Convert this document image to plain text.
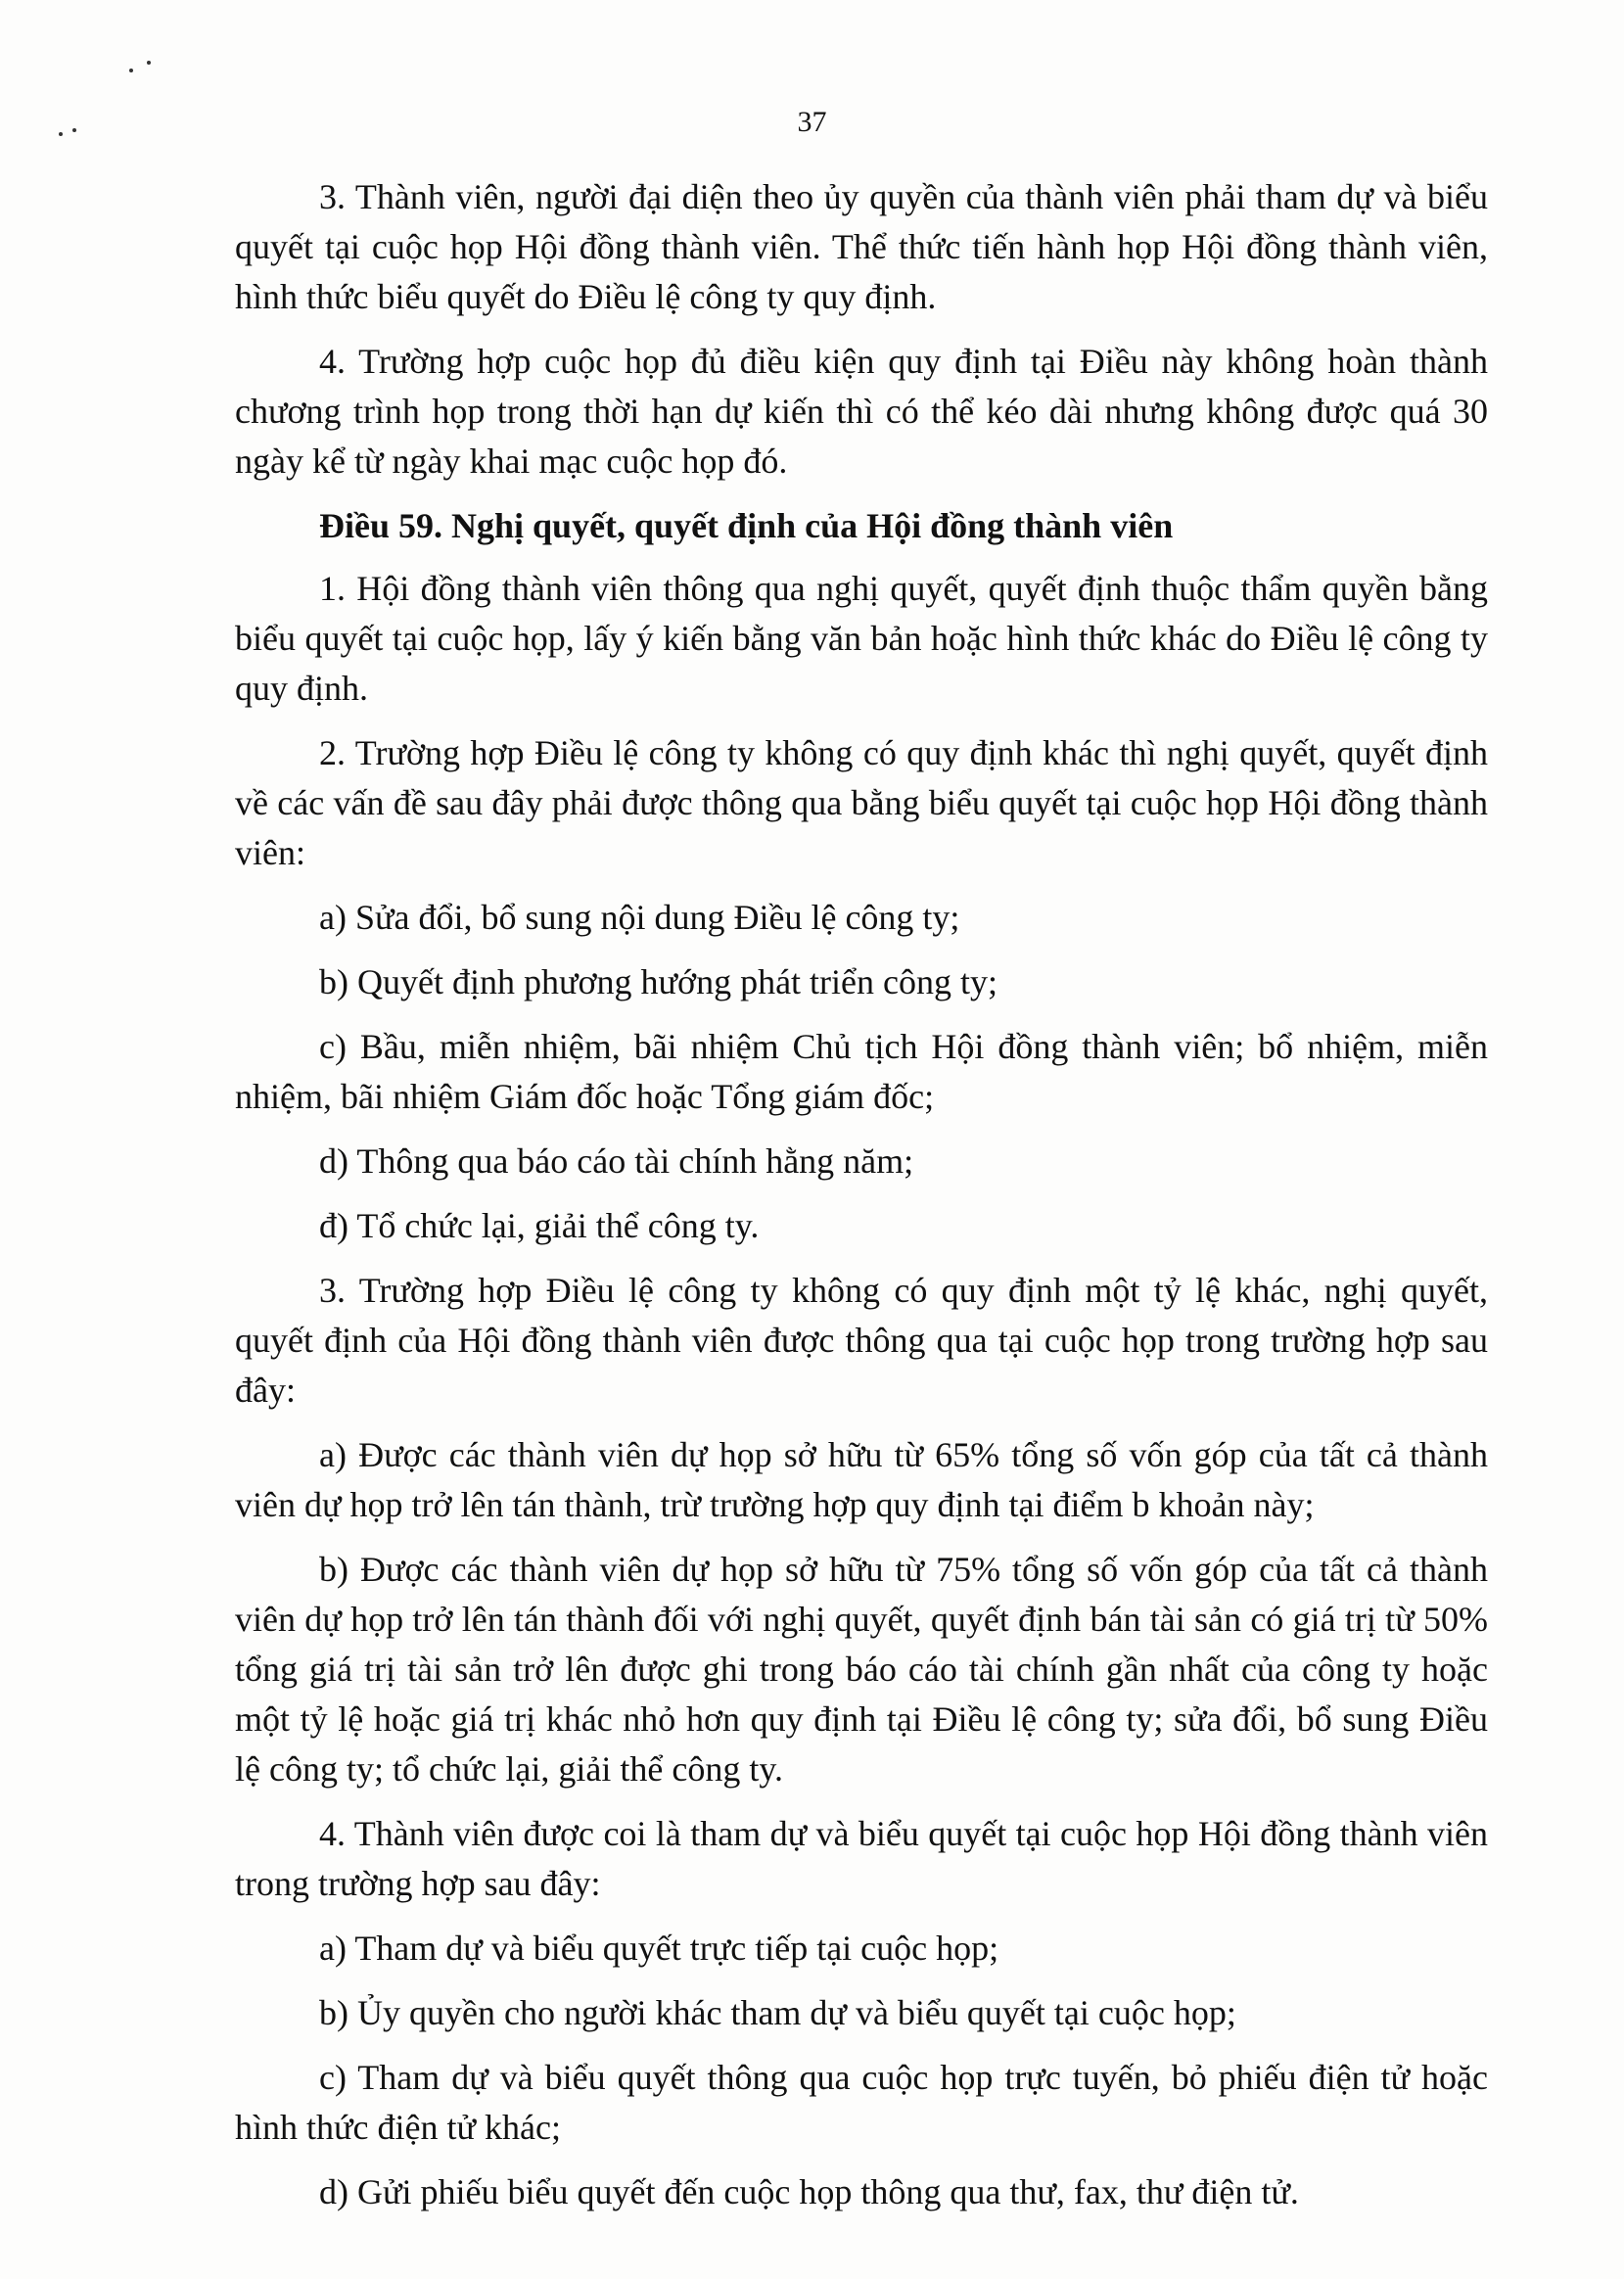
37

3. Thành viên, người đại diện theo ủy quyền của thành viên phải tham dự và biểu quyết tại cuộc họp Hội đồng thành viên. Thể thức tiến hành họp Hội đồng thành viên, hình thức biểu quyết do Điều lệ công ty quy định.

4. Trường hợp cuộc họp đủ điều kiện quy định tại Điều này không hoàn thành chương trình họp trong thời hạn dự kiến thì có thể kéo dài nhưng không được quá 30 ngày kể từ ngày khai mạc cuộc họp đó.

Điều 59. Nghị quyết, quyết định của Hội đồng thành viên

1. Hội đồng thành viên thông qua nghị quyết, quyết định thuộc thẩm quyền bằng biểu quyết tại cuộc họp, lấy ý kiến bằng văn bản hoặc hình thức khác do Điều lệ công ty quy định.

2. Trường hợp Điều lệ công ty không có quy định khác thì nghị quyết, quyết định về các vấn đề sau đây phải được thông qua bằng biểu quyết tại cuộc họp Hội đồng thành viên:

a) Sửa đổi, bổ sung nội dung Điều lệ công ty;

b) Quyết định phương hướng phát triển công ty;

c) Bầu, miễn nhiệm, bãi nhiệm Chủ tịch Hội đồng thành viên; bổ nhiệm, miễn nhiệm, bãi nhiệm Giám đốc hoặc Tổng giám đốc;

d) Thông qua báo cáo tài chính hằng năm;

đ) Tổ chức lại, giải thể công ty.

3. Trường hợp Điều lệ công ty không có quy định một tỷ lệ khác, nghị quyết, quyết định của Hội đồng thành viên được thông qua tại cuộc họp trong trường hợp sau đây:

a) Được các thành viên dự họp sở hữu từ 65% tổng số vốn góp của tất cả thành viên dự họp trở lên tán thành, trừ trường hợp quy định tại điểm b khoản này;

b) Được các thành viên dự họp sở hữu từ 75% tổng số vốn góp của tất cả thành viên dự họp trở lên tán thành đối với nghị quyết, quyết định bán tài sản có giá trị từ 50% tổng giá trị tài sản trở lên được ghi trong báo cáo tài chính gần nhất của công ty hoặc một tỷ lệ hoặc giá trị khác nhỏ hơn quy định tại Điều lệ công ty; sửa đổi, bổ sung Điều lệ công ty; tổ chức lại, giải thể công ty.

4. Thành viên được coi là tham dự và biểu quyết tại cuộc họp Hội đồng thành viên trong trường hợp sau đây:

a) Tham dự và biểu quyết trực tiếp tại cuộc họp;

b) Ủy quyền cho người khác tham dự và biểu quyết tại cuộc họp;

c) Tham dự và biểu quyết thông qua cuộc họp trực tuyến, bỏ phiếu điện tử hoặc hình thức điện tử khác;

d) Gửi phiếu biểu quyết đến cuộc họp thông qua thư, fax, thư điện tử.
